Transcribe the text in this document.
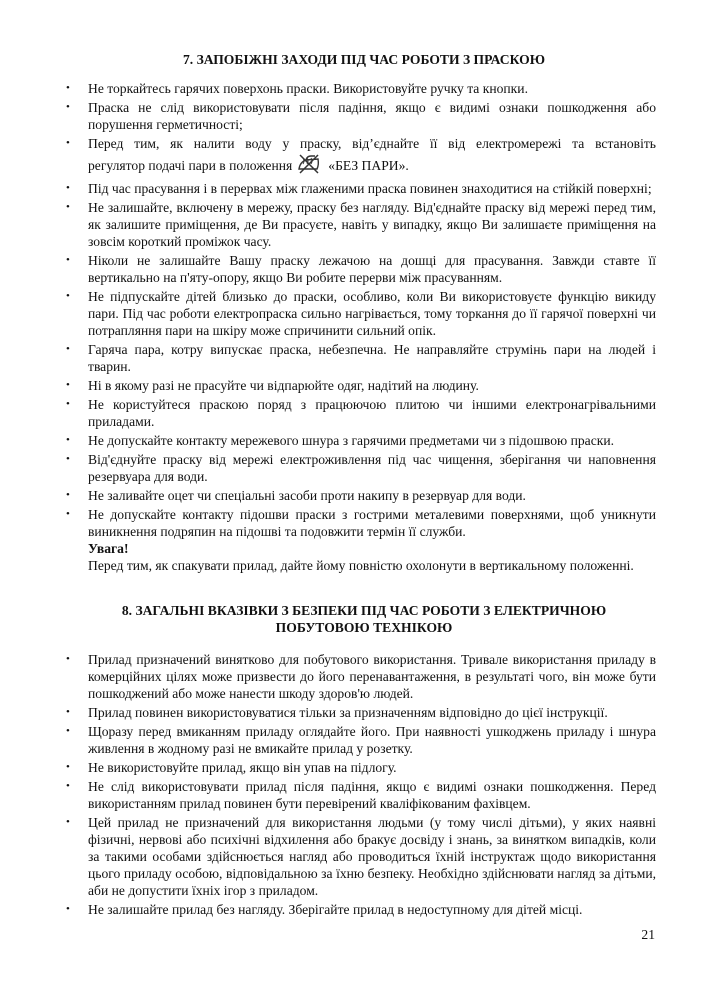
7. ЗАПОБІЖНІ ЗАХОДИ ПІД ЧАС РОБОТИ З ПРАСКОЮ
• Не торкайтесь гарячих поверхонь праски. Використовуйте ручку та кнопки.
• Праска не слід використовувати після падіння, якщо є видимі ознаки пошкодження або порушення герметичності;
• Перед тим, як налити воду у праску, від’єднайте її від електромережі та встановіть
регулятор подачі пари в положення	«БЕЗ ПАРИ».
• Під час прасування і в перервах між глаженими праска повинен знаходитися на стійкій поверхні;
• Не залишайте, включену в мережу, праску без нагляду. Від'єднайте праску від мережі перед тим, як залишите приміщення, де Ви прасуєте, навіть у випадку, якщо Ви залишаєте приміщення на зовсім короткий проміжок часу.
• Ніколи не залишайте Вашу праску лежачою на дошці для прасування. Завжди ставте її вертикально на п'яту-опору, якщо Ви робите перерви між прасуванням.
• Не підпускайте дітей близько до праски, особливо, коли Ви використовуєте функцію викиду пари. Під час роботи електропраска сильно нагрівається, тому торкання до її гарячої поверхні чи потрапляння пари на шкіру може спричинити сильний опік.
• Гаряча пара, котру випускає праска, небезпечна. Не направляйте струмінь пари на людей і тварин.
• Ні в якому разі не прасуйте чи відпарюйте одяг, надітий на людину.
• Не користуйтеся праскою поряд з працюючою плитою чи іншими електронагрівальними приладами.
• Не допускайте контакту мережевого шнура з гарячими предметами чи з підошвою праски.
• Від'єднуйте праску від мережі електроживлення під час чищення, зберігання чи наповнення резервуара для води.
• Не заливайте оцет чи спеціальні засоби проти накипу в резервуар для води.
• Не допускайте контакту підошви праски з гострими металевими поверхнями, щоб уникнути виникнення подряпин на підошві та подовжити термін її служби.
Увага!
Перед тим, як спакувати прилад, дайте йому повністю охолонути в вертикальному положенні.
8. ЗАГАЛЬНІ ВКАЗІВКИ З БЕЗПЕКИ ПІД ЧАС РОБОТИ З ЕЛЕКТРИЧНОЮ
ПОБУТОВОЮ ТЕХНІКОЮ
• Прилад призначений винятково для побутового використання. Тривале використання приладу в комерційних цілях може призвести до його перенавантаження, в результаті чого, він може бути пошкоджений або може нанести шкоду здоров'ю людей.
• Прилад повинен використовуватися тільки за призначенням відповідно до цієї інструкції.
• Щоразу перед вмиканням приладу оглядайте його. При наявності ушкоджень приладу і шнура живлення в жодному разі не вмикайте прилад у розетку.
• Не використовуйте прилад, якщо він упав на підлогу.
• Не слід використовувати прилад після падіння, якщо є видимі ознаки пошкодження. Перед використанням прилад повинен бути перевірений кваліфікованим фахівцем.
• Цей прилад не призначений для використання людьми (у тому числі дітьми), у яких наявні фізичні, нервові або психічні відхилення або бракує досвіду і знань, за винятком випадків, коли за такими особами здійснюється нагляд або проводиться їхній інструктаж щодо використання цього приладу особою, відповідальною за їхню безпеку. Необхідно здійснювати нагляд за дітьми, аби не допустити їхніх ігор з приладом.
• Не залишайте прилад без нагляду. Зберігайте прилад в недоступному для дітей місці.
21
